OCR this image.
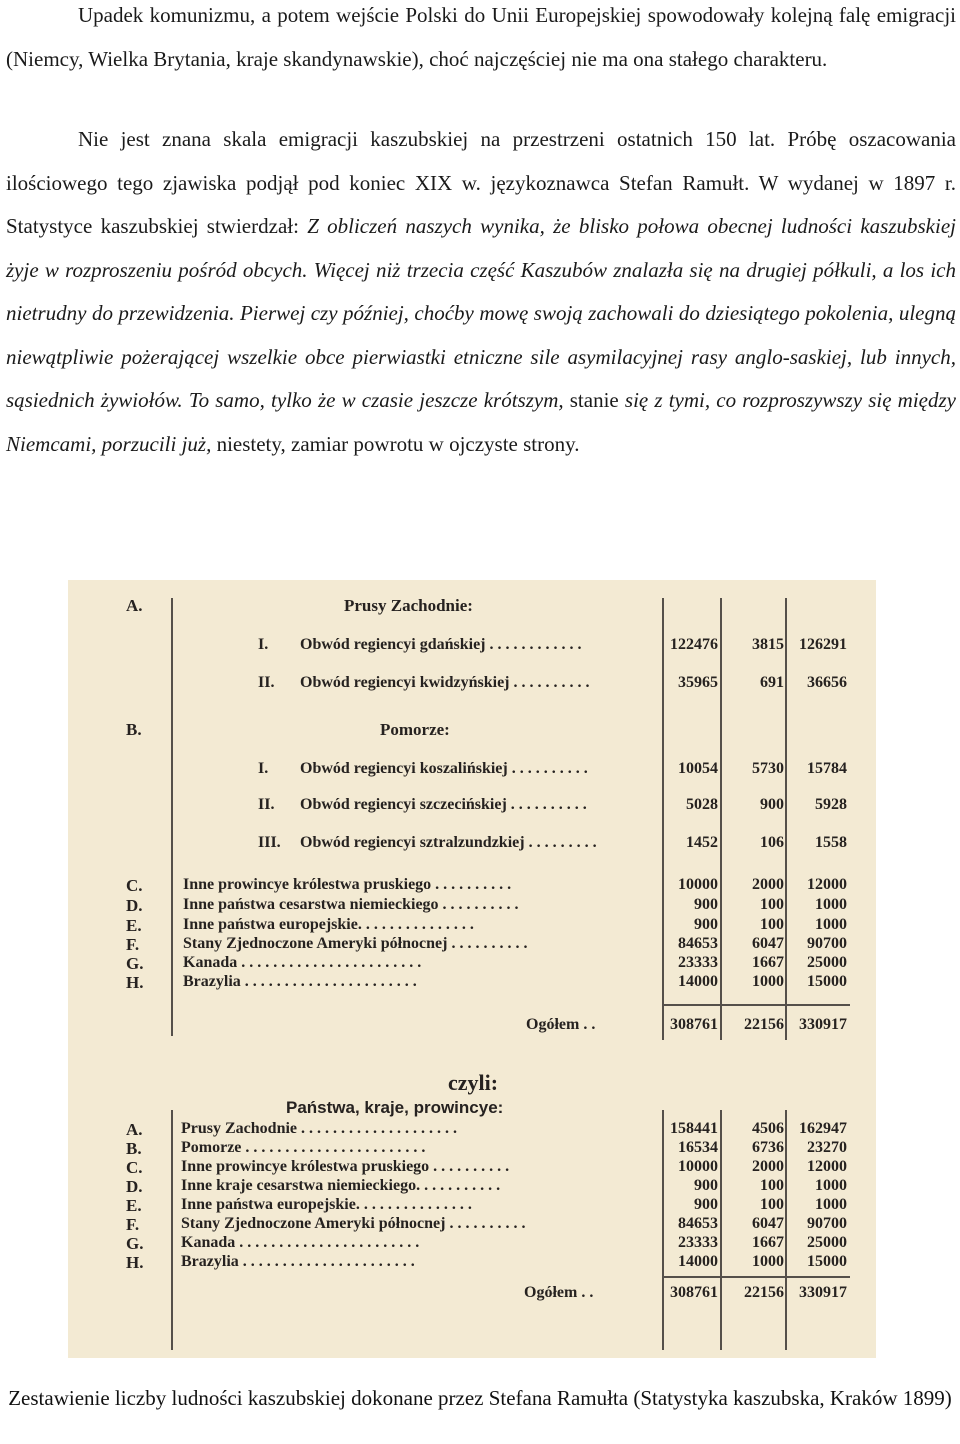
Upadek komunizmu, a potem wejście Polski do Unii Europejskiej spowodowały kolejną falę emigracji (Niemcy, Wielka Brytania, kraje skandynawskie), choć najczęściej nie ma ona stałego charakteru.

Nie jest znana skala emigracji kaszubskiej na przestrzeni ostatnich 150 lat. Próbę oszacowania ilościowego tego zjawiska podjął pod koniec XIX w. językoznawca Stefan Ramułt. W wydanej w 1897 r. Statystyce kaszubskiej stwierdzał: Z obliczeń naszych wynika, że blisko połowa obecnej ludności kaszubskiej żyje w rozproszeniu pośród obcych. Więcej niż trzecia część Kaszubów znalazła się na drugiej półkuli, a los ich nietrudny do przewidzenia. Pierwej czy później, choćby mowę swoją zachowali do dziesiątego pokolenia, ulegną niewątpliwie pożerającej wszelkie obce pierwiastki etniczne sile asymilacyjnej rasy anglo-saskiej, lub innych, sąsiednich żywiołów. To samo, tylko że w czasie jeszcze krótszym, stanie się z tymi, co rozproszywszy się między Niemcami, porzucili już, niestety, zamiar powrotu w ojczyste strony.

A.	Prusy Zachodnie:
I. Obwód regiencyi gdańskiej . . . . . . . . . . . .	122476	3815 126291
II. Obwód regiencyi kwidzyńskiej . . . . . . . . . .	35965	691	36656
B.	Pomorze:
I. Obwód regiencyi koszalińskiej . . . . . . . . . .	10054	5730	15784
II. Obwód regiencyi szczecińskiej . . . . . . . . . .	5028	900	5928
III. Obwód regiencyi sztralzundzkiej . . . . . . . . .	1452	106	1558
C.	Inne prowincye królestwa pruskiego . . . . . . . . . .	10000	2000	12000
D.	Inne państwa cesarstwa niemieckiego . . . . . . . . . .	900	100	1000
E.	Inne państwa europejskie. . . . . . . . . . . . . . .	900	100	1000
F.	Stany Zjednoczone Ameryki północnej . . . . . . . . . .	84653	6047	90700
G. Kanada . . . . . . . . . . . . . . . . . . . . . . .	23333	1667	25000
H. Brazylia . . . . . . . . . . . . . . . . . . . . . .	14000	1000	15000
Ogółem . .	308761	22156 330917
czyli:
Państwa, kraje, prowincye:
A. Prusy Zachodnie . . . . . . . . . . . . . . . . . . . .	158441	4506 162947
B. Pomorze . . . . . . . . . . . . . . . . . . . . . . .	16534	6736	23270
C. Inne prowincye królestwa pruskiego . . . . . . . . . .	10000	2000	12000
D. Inne kraje cesarstwa niemieckiego. . . . . . . . . . .	900	100	1000
E. Inne państwa europejskie. . . . . . . . . . . . . . .	900	100	1000
F.	Stany Zjednoczone Ameryki północnej . . . . . . . . . .	84653	6047	90700
G. Kanada . . . . . . . . . . . . . . . . . . . . . . .	23333	1667	25000
H. Brazylia . . . . . . . . . . . . . . . . . . . . . .	14000	1000	15000
Ogółem . .	308761	22156 330917
Zestawienie liczby ludności kaszubskiej dokonane przez Stefana Ramułta (Statystyka kaszubska, Kraków 1899)
